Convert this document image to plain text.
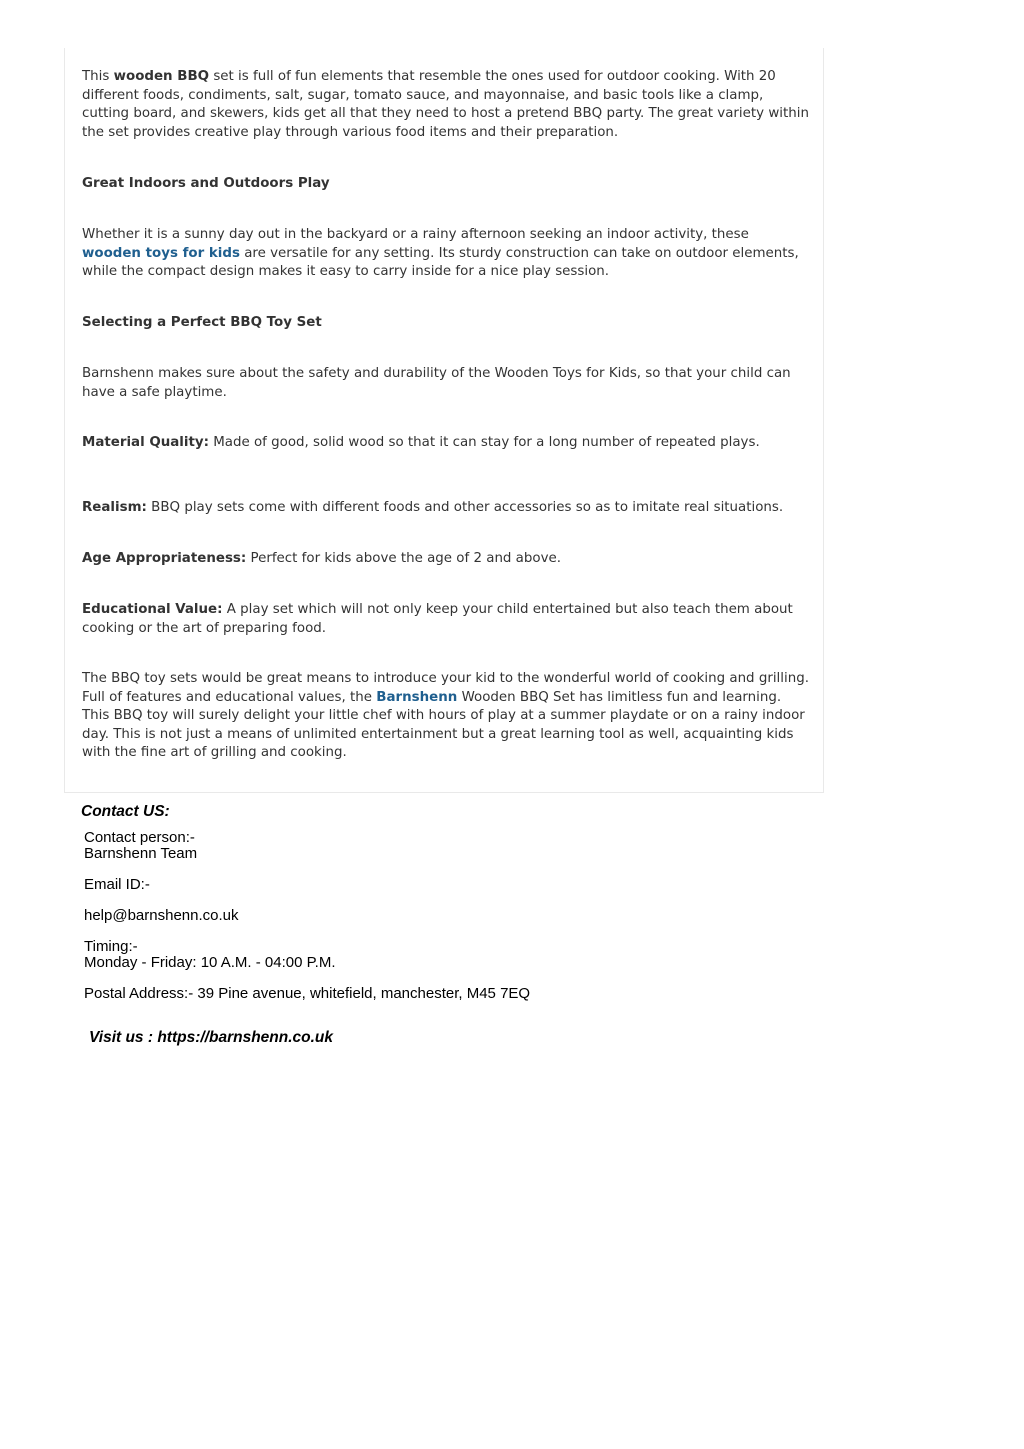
This wooden BBQ set is full of fun elements that resemble the ones used for outdoor cooking. With 20 different foods, condiments, salt, sugar, tomato sauce, and mayonnaise, and basic tools like a clamp, cutting board, and skewers, kids get all that they need to host a pretend BBQ party. The great variety within the set provides creative play through various food items and their preparation.

Great Indoors and Outdoors Play

Whether it is a sunny day out in the backyard or a rainy afternoon seeking an indoor activity, these wooden toys for kids are versatile for any setting. Its sturdy construction can take on outdoor elements, while the compact design makes it easy to carry inside for a nice play session.

Selecting a Perfect BBQ Toy Set

Barnshenn makes sure about the safety and durability of the Wooden Toys for Kids, so that your child can have a safe playtime.

Material Quality: Made of good, solid wood so that it can stay for a long number of repeated plays.

Realism: BBQ play sets come with different foods and other accessories so as to imitate real situations.

Age Appropriateness: Perfect for kids above the age of 2 and above.

Educational Value: A play set which will not only keep your child entertained but also teach them about cooking or the art of preparing food.

The BBQ toy sets would be great means to introduce your kid to the wonderful world of cooking and grilling. Full of features and educational values, the Barnshenn Wooden BBQ Set has limitless fun and learning. This BBQ toy will surely delight your little chef with hours of play at a summer playdate or on a rainy indoor day. This is not just a means of unlimited entertainment but a great learning tool as well, acquainting kids with the fine art of grilling and cooking.

Contact US:
Contact person:-
Barnshenn Team
Email ID:-
help@barnshenn.co.uk
Timing:-
Monday - Friday: 10 A.M. - 04:00 P.M.
Postal Address:- 39 Pine avenue, whitefield, manchester, M45 7EQ
Visit us : https://barnshenn.co.uk
